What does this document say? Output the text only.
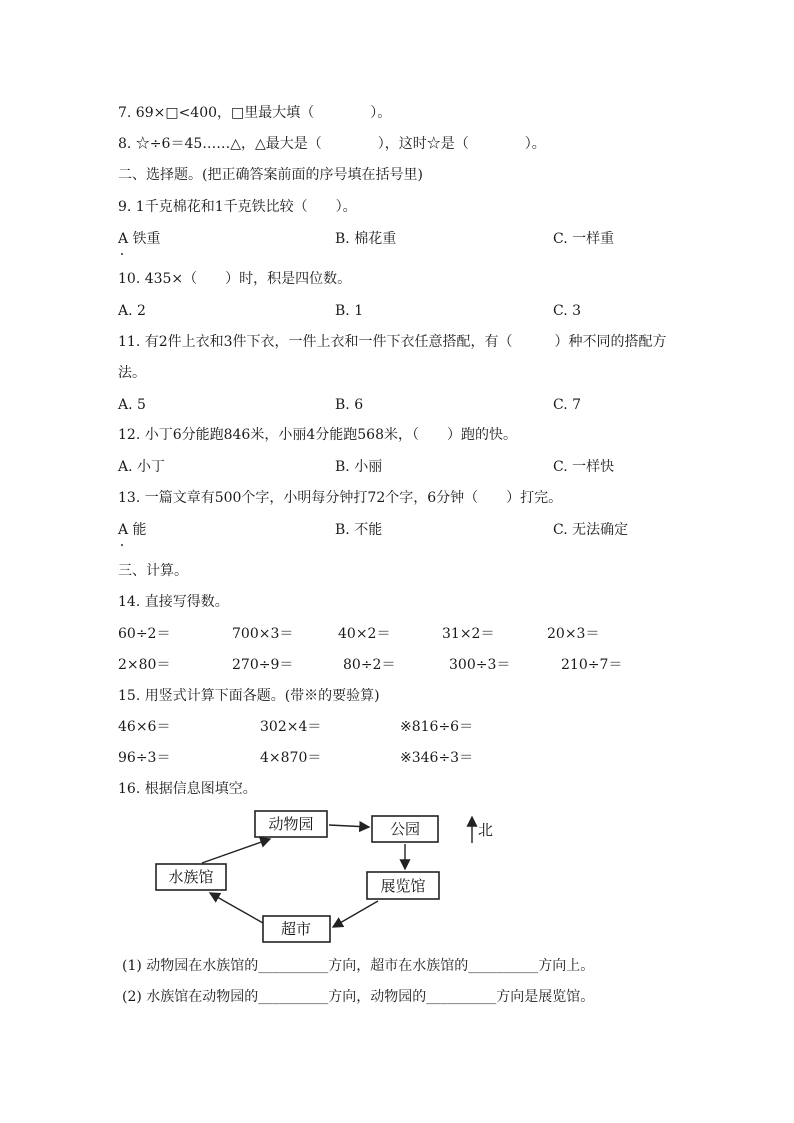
7. 69×□<400，□里最大填（　　　　）。
8. ☆÷6＝45……△，△最大是（　　　　），这时☆是（　　　　）。
二、选择题。(把正确答案前面的序号填在括号里)
9. 1千克棉花和1千克铁比较（　　）。
A 铁重	B. 棉花重	C. 一样重
10. 435×（　　）时，积是四位数。
A. 2	B. 1	C. 3
11. 有2件上衣和3件下衣，一件上衣和一件下衣任意搭配，有（　　　）种不同的搭配方
法。
A. 5	B. 6	C. 7
12. 小丁6分能跑846米，小丽4分能跑568米，（　　）跑的快。
A. 小丁	B. 小丽	C. 一样快
13. 一篇文章有500个字，小明每分钟打72个字，6分钟（　　）打完。
A 能	B. 不能	C. 无法确定
三、计算。
14. 直接写得数。
60÷2＝	700×3＝	40×2＝	31×2＝	20×3＝
2×80＝	270÷9＝	80÷2＝	300÷3＝	210÷7＝
15. 用竖式计算下面各题。(带※的要验算)
46×6＝	302×4＝	※816÷6＝
96÷3＝	4×870＝	※346÷3＝
16. 根据信息图填空。
动物园	公园
水族馆	展览馆
超市
北
(1) 动物园在水族馆的__________方向，超市在水族馆的__________方向上。
(2) 水族馆在动物园的__________方向，动物园的__________方向是展览馆。
